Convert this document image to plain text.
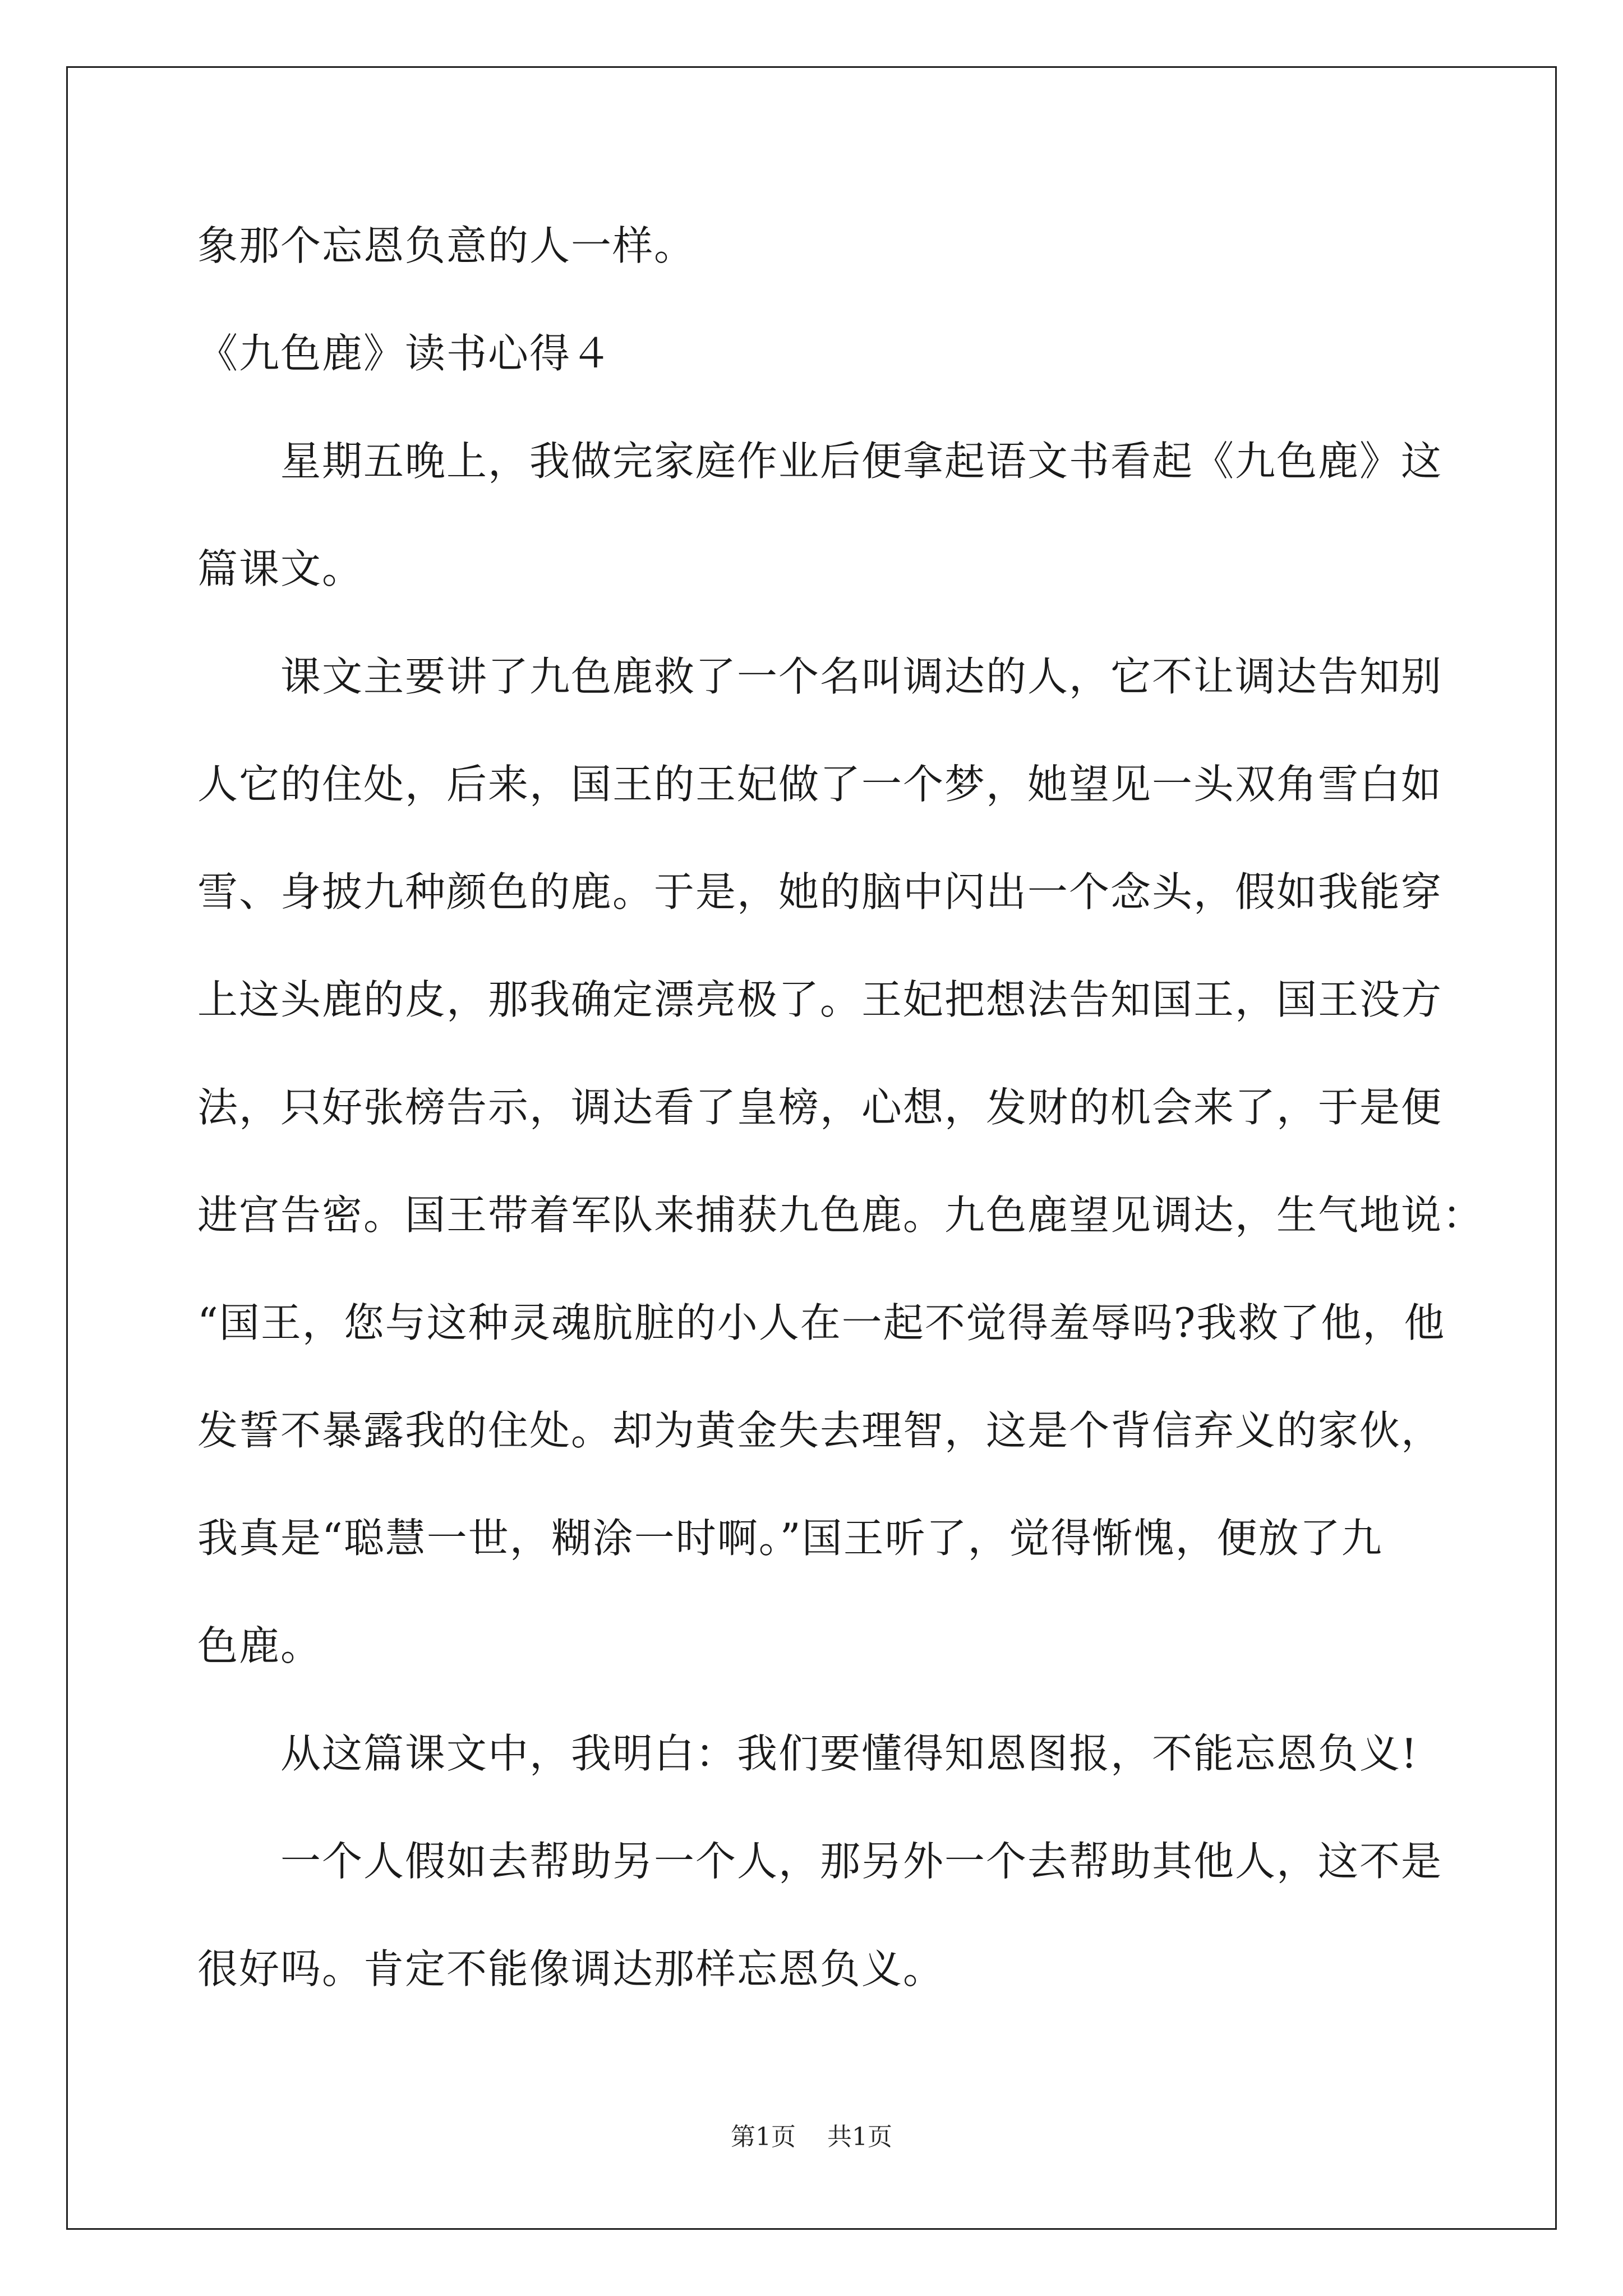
象那个忘恩负意的人一样。

《九色鹿》读书心得４

星期五晚上，我做完家庭作业后便拿起语文书看起《九色鹿》这

篇课文。

课文主要讲了九色鹿救了一个名叫调达的人，它不让调达告知别

人它的住处，后来，国王的王妃做了一个梦，她望见一头双角雪白如

雪、身披九种颜色的鹿。于是，她的脑中闪出一个念头，假如我能穿

上这头鹿的皮，那我确定漂亮极了。王妃把想法告知国王，国王没方

法，只好张榜告示，调达看了皇榜，心想，发财的机会来了，于是便

进宫告密。国王带着军队来捕获九色鹿。九色鹿望见调达，生气地说：

“国王，您与这种灵魂肮脏的小人在一起不觉得羞辱吗?我救了他，他

发誓不暴露我的住处。却为黄金失去理智，这是个背信弃义的家伙，

我真是“聪慧一世，糊涂一时啊。”国王听了，觉得惭愧，便放了九

色鹿。

从这篇课文中，我明白：我们要懂得知恩图报，不能忘恩负义!

一个人假如去帮助另一个人，那另外一个去帮助其他人，这不是

很好吗。肯定不能像调达那样忘恩负义。

第1页 共1页
